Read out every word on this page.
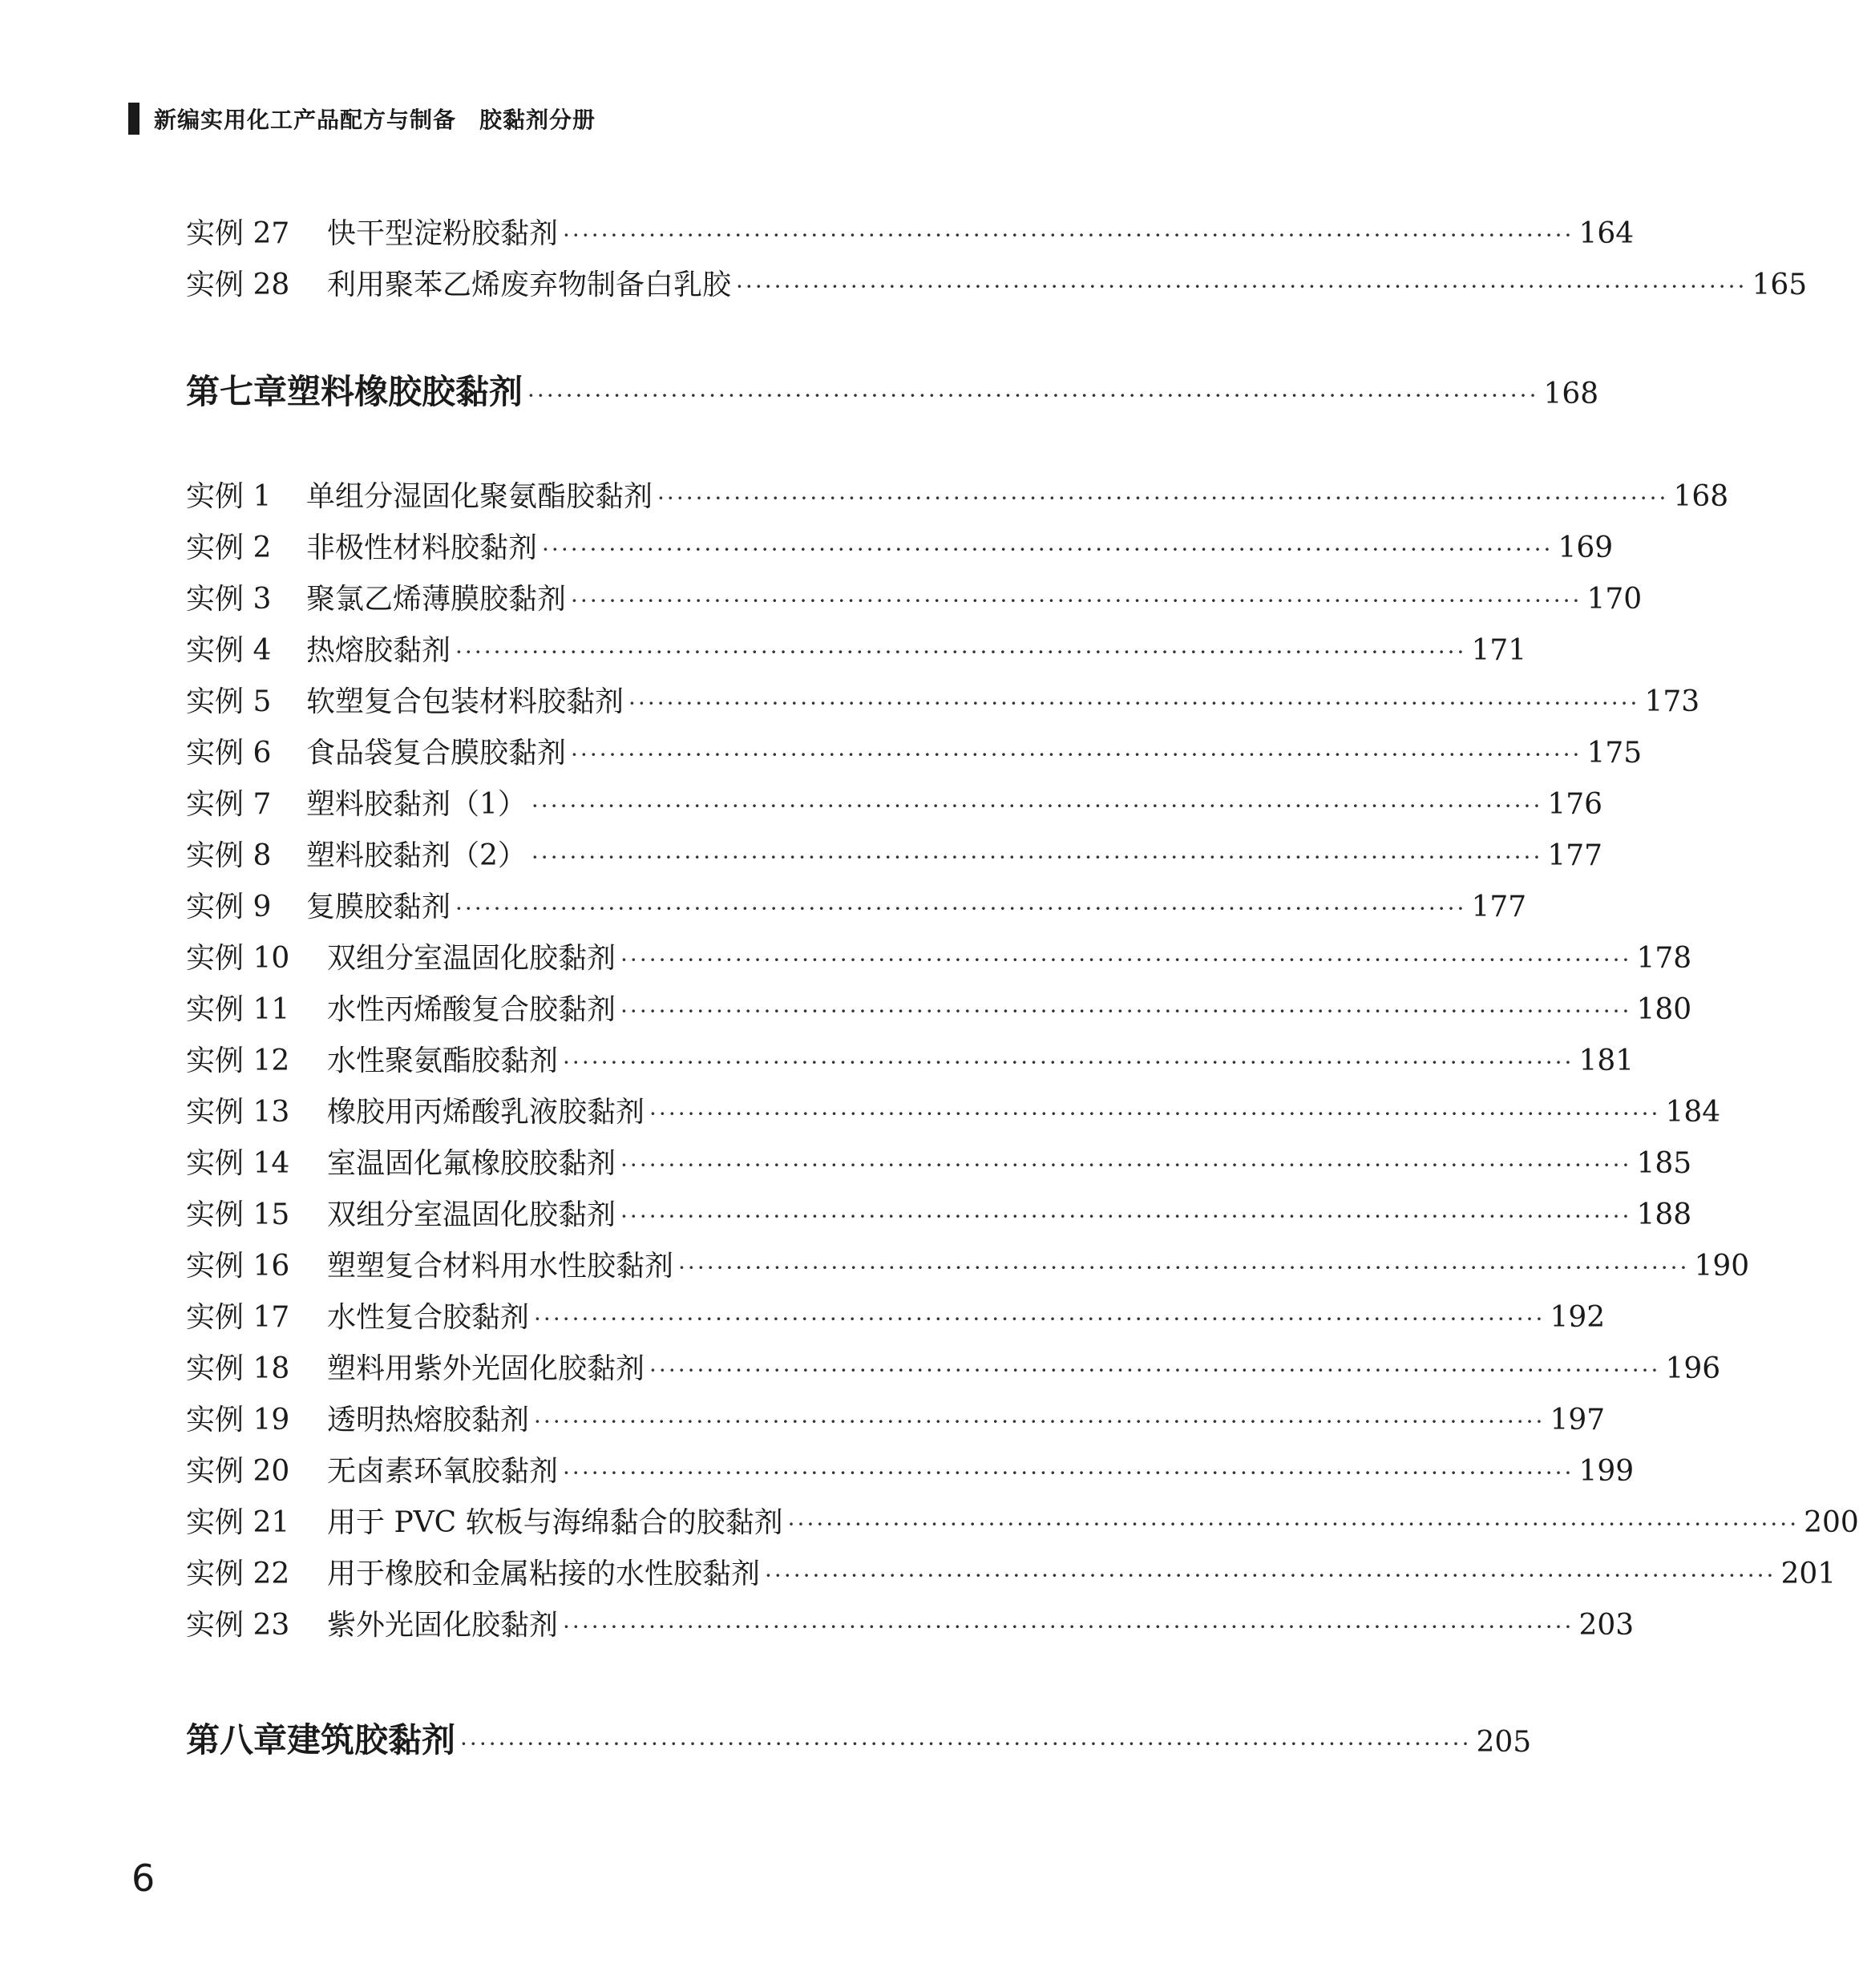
新编实用化工产品配方与制备　胶黏剂分册
实例 27	快干型淀粉胶黏剂 ·········································································································· 164
实例 28	利用聚苯乙烯废弃物制备白乳胶 ·········································································································· 165
第七章 塑料橡胶胶黏剂 ·········································································································· 168
实例 1	单组分湿固化聚氨酯胶黏剂 ·········································································································· 168
实例 2	非极性材料胶黏剂 ·········································································································· 169
实例 3	聚氯乙烯薄膜胶黏剂 ·········································································································· 170
实例 4	热熔胶黏剂 ·········································································································· 171
实例 5	软塑复合包装材料胶黏剂 ·········································································································· 173
实例 6	食品袋复合膜胶黏剂 ·········································································································· 175
实例 7	塑料胶黏剂（1） ·········································································································· 176
实例 8	塑料胶黏剂（2） ·········································································································· 177
实例 9	复膜胶黏剂 ·········································································································· 177
实例 10	双组分室温固化胶黏剂 ·········································································································· 178
实例 11	水性丙烯酸复合胶黏剂 ·········································································································· 180
实例 12	水性聚氨酯胶黏剂 ·········································································································· 181
实例 13	橡胶用丙烯酸乳液胶黏剂 ·········································································································· 184
实例 14	室温固化氟橡胶胶黏剂 ·········································································································· 185
实例 15	双组分室温固化胶黏剂 ·········································································································· 188
实例 16	塑塑复合材料用水性胶黏剂 ·········································································································· 190
实例 17	水性复合胶黏剂 ·········································································································· 192
实例 18	塑料用紫外光固化胶黏剂 ·········································································································· 196
实例 19	透明热熔胶黏剂 ·········································································································· 197
实例 20	无卤素环氧胶黏剂 ·········································································································· 199
实例 21	用于 PVC 软板与海绵黏合的胶黏剂 ·········································································································· 200
实例 22	用于橡胶和金属粘接的水性胶黏剂 ·········································································································· 201
实例 23	紫外光固化胶黏剂 ·········································································································· 203
第八章 建筑胶黏剂 ·········································································································· 205
6
